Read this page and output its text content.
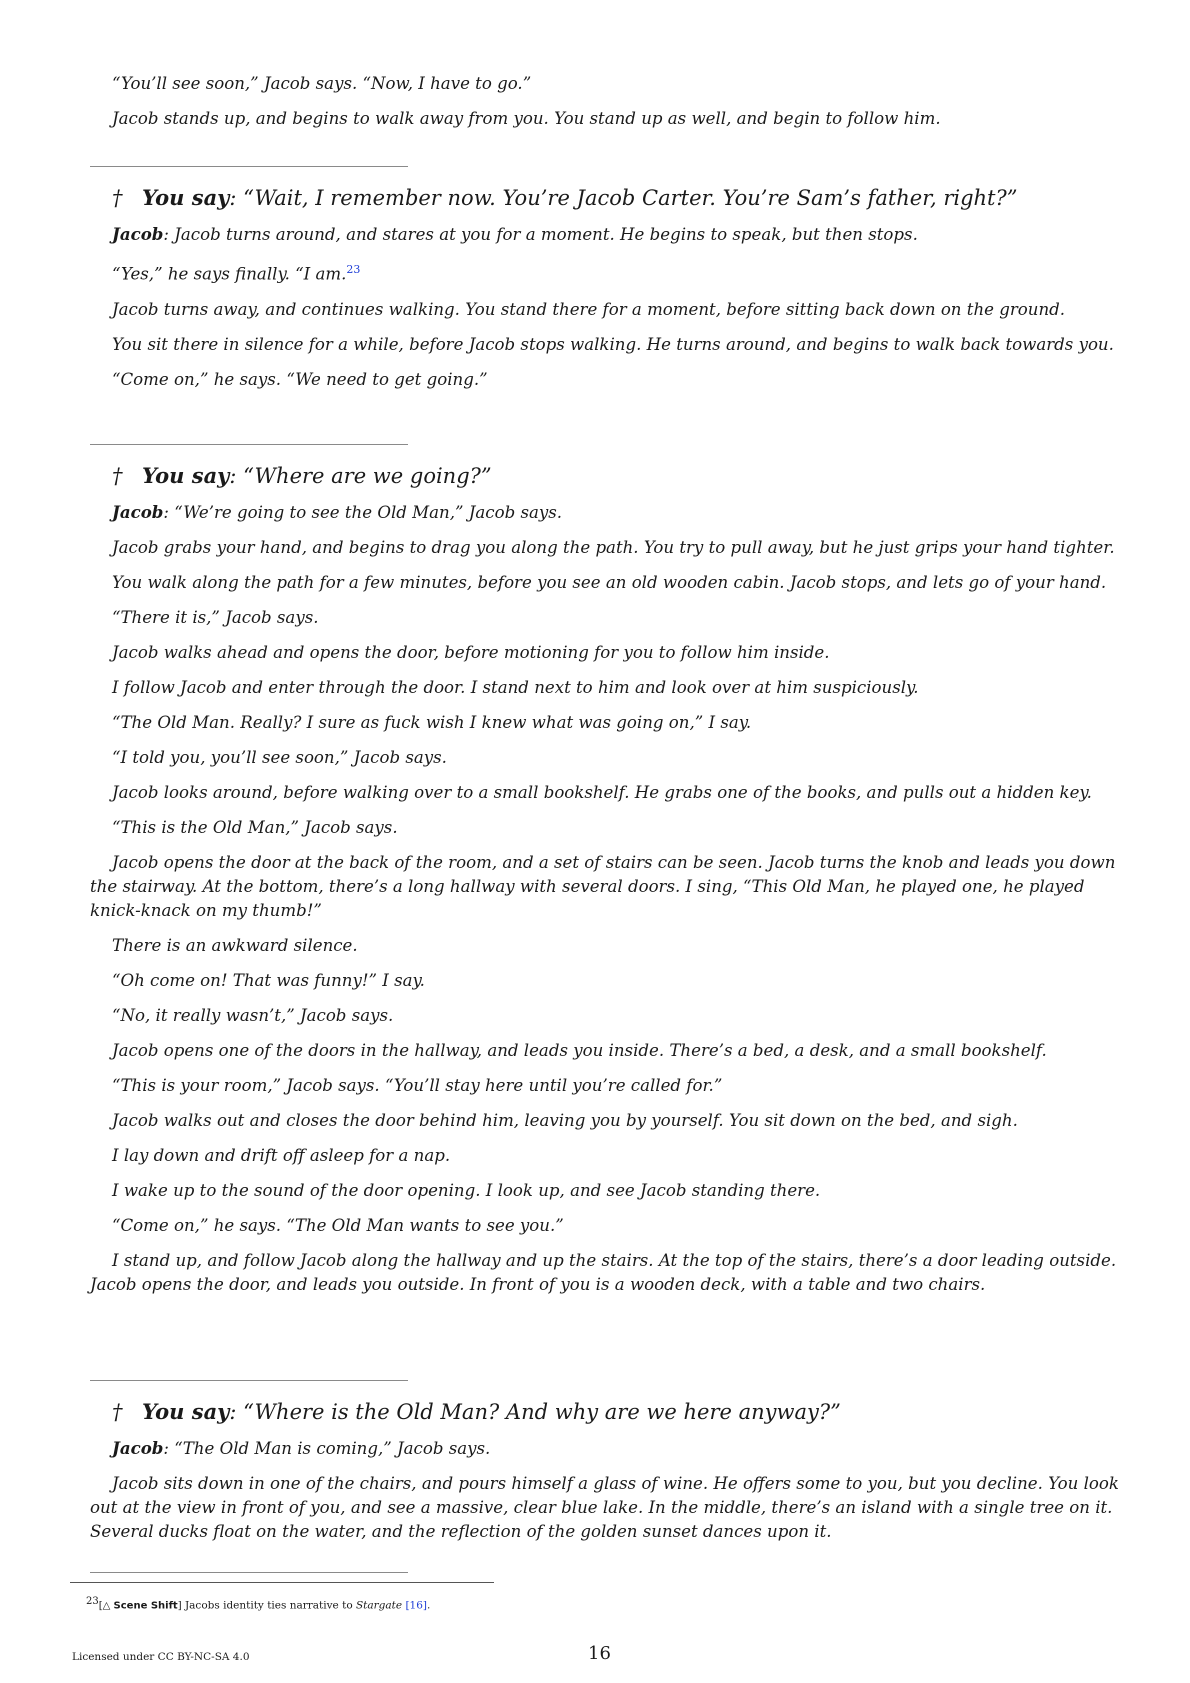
“You’ll see soon,” Jacob says. “Now, I have to go.”

Jacob stands up, and begins to walk away from you. You stand up as well, and begin to follow him.

† You say: “Wait, I remember now. You’re Jacob Carter. You’re Sam’s father, right?”

Jacob: Jacob turns around, and stares at you for a moment. He begins to speak, but then stops.

“Yes,” he says finally. “I am.$^{23}$

Jacob turns away, and continues walking. You stand there for a moment, before sitting back down on the ground.

You sit there in silence for a while, before Jacob stops walking. He turns around, and begins to walk back towards you.

“Come on,” he says. “We need to get going.”

† You say: “Where are we going?”

Jacob: “We’re going to see the Old Man,” Jacob says.

Jacob grabs your hand, and begins to drag you along the path. You try to pull away, but he just grips your hand tighter.

You walk along the path for a few minutes, before you see an old wooden cabin. Jacob stops, and lets go of your hand.

“There it is,” Jacob says.

Jacob walks ahead and opens the door, before motioning for you to follow him inside.

I follow Jacob and enter through the door. I stand next to him and look over at him suspiciously.

“The Old Man. Really? I sure as fuck wish I knew what was going on,” I say.

“I told you, you’ll see soon,” Jacob says.

Jacob looks around, before walking over to a small bookshelf. He grabs one of the books, and pulls out a hidden key.

“This is the Old Man,” Jacob says.

Jacob opens the door at the back of the room, and a set of stairs can be seen. Jacob turns the knob and leads you down the stairway. At the bottom, there’s a long hallway with several doors. I sing, “This Old Man, he played one, he played knick-knack on my thumb!”

There is an awkward silence.

“Oh come on! That was funny!” I say.

“No, it really wasn’t,” Jacob says.

Jacob opens one of the doors in the hallway, and leads you inside. There’s a bed, a desk, and a small bookshelf.

“This is your room,” Jacob says. “You’ll stay here until you’re called for.”

Jacob walks out and closes the door behind him, leaving you by yourself. You sit down on the bed, and sigh.

I lay down and drift off asleep for a nap.

I wake up to the sound of the door opening. I look up, and see Jacob standing there.

“Come on,” he says. “The Old Man wants to see you.”

I stand up, and follow Jacob along the hallway and up the stairs. At the top of the stairs, there’s a door leading outside. Jacob opens the door, and leads you outside. In front of you is a wooden deck, with a table and two chairs.

† You say: “Where is the Old Man? And why are we here anyway?”

Jacob: “The Old Man is coming,” Jacob says.

Jacob sits down in one of the chairs, and pours himself a glass of wine. He offers some to you, but you decline. You look out at the view in front of you, and see a massive, clear blue lake. In the middle, there’s an island with a single tree on it. Several ducks float on the water, and the reflection of the golden sunset dances upon it.

$^{23}$[△ Scene Shift] Jacobs identity ties narrative to Stargate [16].
Licensed under CC BY-NC-SA 4.0	16
